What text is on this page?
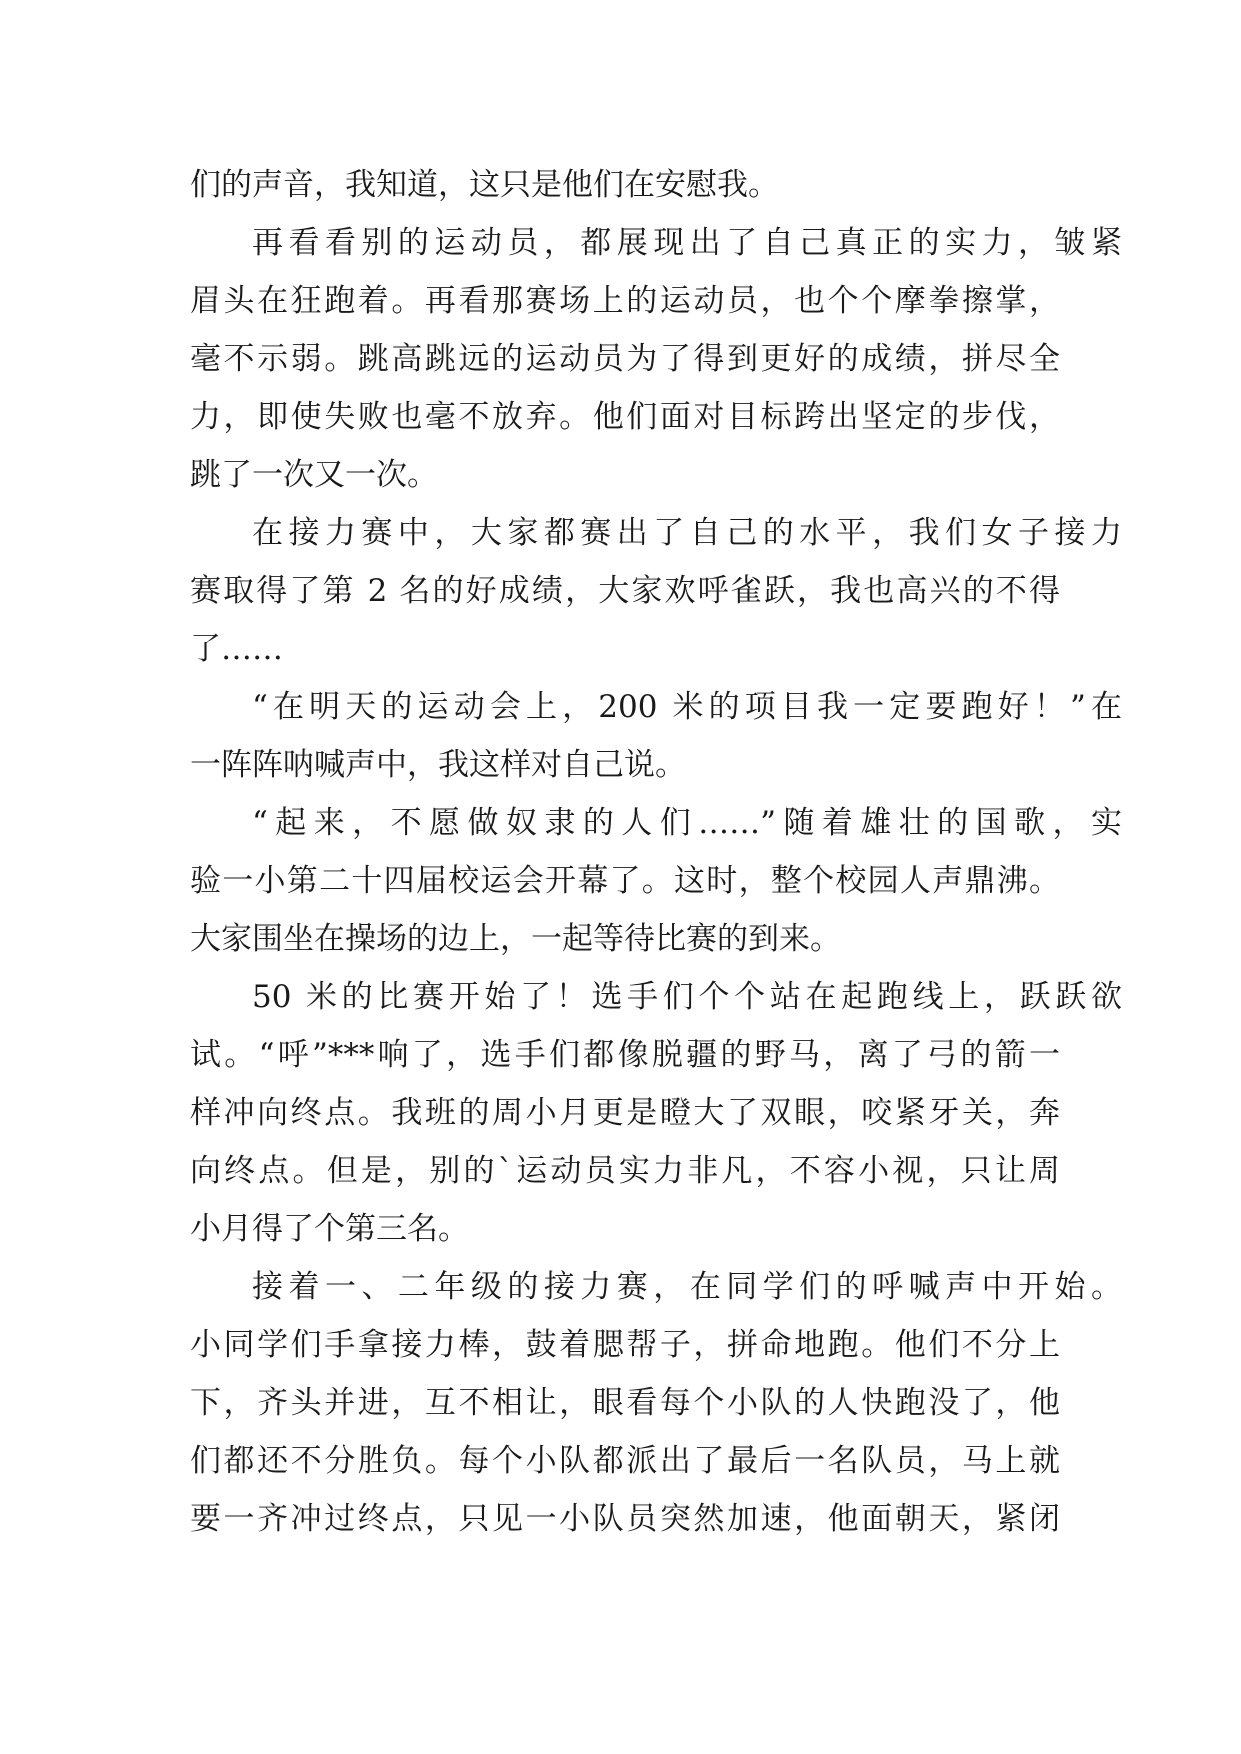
们的声音，我知道，这只是他们在安慰我。
再看看别的运动员，都展现出了自己真正的实力，皱紧
眉头在狂跑着。再看那赛场上的运动员，也个个摩拳擦掌，
毫不示弱。跳高跳远的运动员为了得到更好的成绩，拼尽全
力，即使失败也毫不放弃。他们面对目标跨出坚定的步伐，
跳了一次又一次。
在接力赛中，大家都赛出了自己的水平，我们女子接力
赛取得了第 2 名的好成绩，大家欢呼雀跃，我也高兴的不得
了……
“在明天的运动会上，200 米的项目我一定要跑好！”在
一阵阵呐喊声中，我这样对自己说。
“起来，不愿做奴隶的人们……”随着雄壮的国歌，实
验一小第二十四届校运会开幕了。这时，整个校园人声鼎沸。
大家围坐在操场的边上，一起等待比赛的到来。
50 米的比赛开始了！选手们个个站在起跑线上，跃跃欲
试。“呼”***响了，选手们都像脱疆的野马，离了弓的箭一
样冲向终点。我班的周小月更是瞪大了双眼，咬紧牙关，奔
向终点。但是，别的`运动员实力非凡，不容小视，只让周
小月得了个第三名。
接着一、二年级的接力赛，在同学们的呼喊声中开始。
小同学们手拿接力棒，鼓着腮帮子，拼命地跑。他们不分上
下，齐头并进，互不相让，眼看每个小队的人快跑没了，他
们都还不分胜负。每个小队都派出了最后一名队员，马上就
要一齐冲过终点，只见一小队员突然加速，他面朝天，紧闭
